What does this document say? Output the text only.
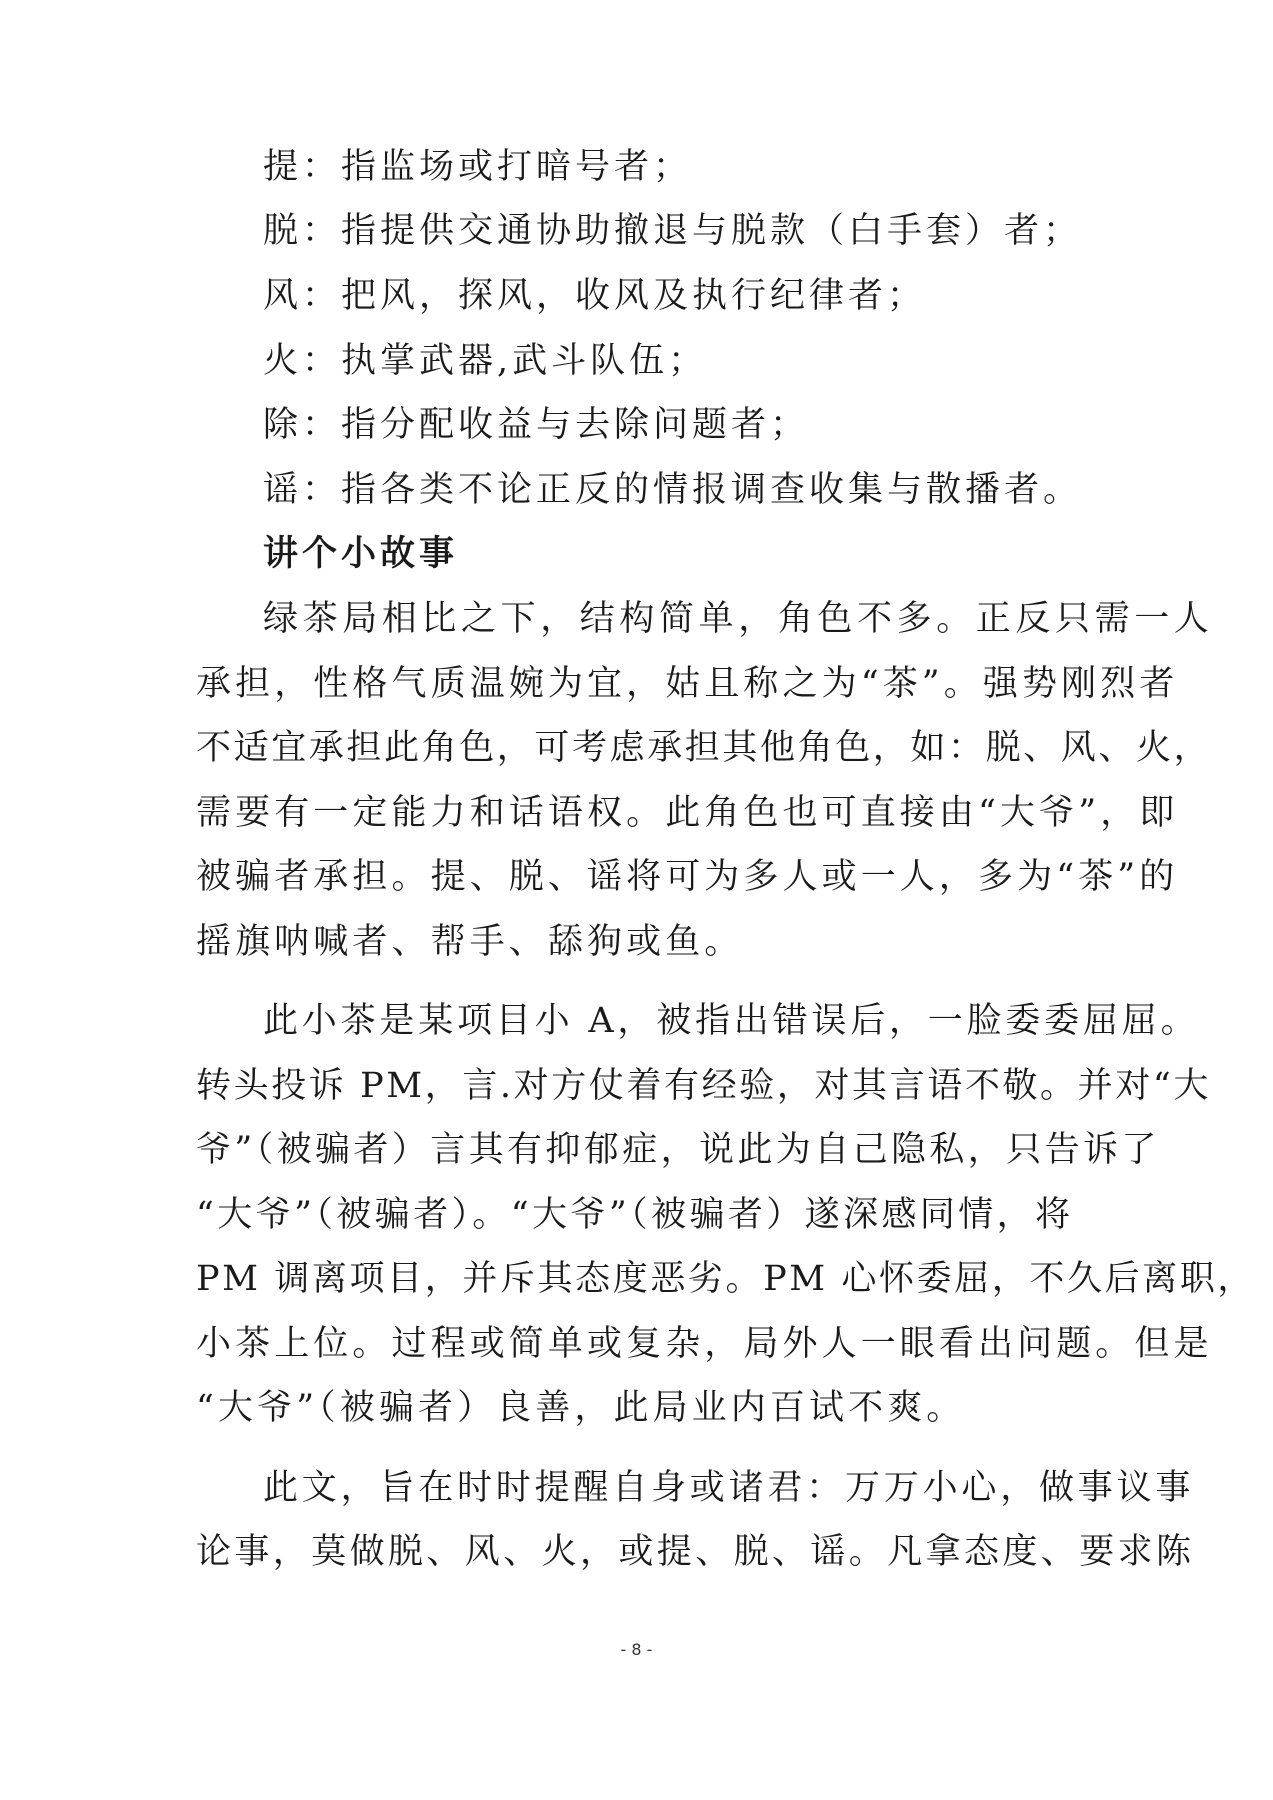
提：指监场或打暗号者；
脱：指提供交通协助撤退与脱款（白手套）者；
风：把风，探风，收风及执行纪律者；
火：执掌武器,武斗队伍；
除：指分配收益与去除问题者；
谣：指各类不论正反的情报调查收集与散播者。
讲个小故事
绿茶局相比之下，结构简单，角色不多。正反只需一人
承担，性格气质温婉为宜，姑且称之为“茶”。强势刚烈者
不适宜承担此角色，可考虑承担其他角色，如：脱、风、火，
需要有一定能力和话语权。此角色也可直接由“大爷”，即
被骗者承担。提、脱、谣将可为多人或一人，多为“茶”的
摇旗呐喊者、帮手、舔狗或鱼。
此小茶是某项目小 A，被指出错误后，一脸委委屈屈。
转头投诉 PM，言.对方仗着有经验，对其言语不敬。并对“大
爷”（被骗者）言其有抑郁症，说此为自己隐私，只告诉了
“大爷”（被骗者）。“大爷”（被骗者）遂深感同情，将
PM 调离项目，并斥其态度恶劣。PM 心怀委屈，不久后离职，
小茶上位。过程或简单或复杂，局外人一眼看出问题。但是
“大爷”（被骗者）良善，此局业内百试不爽。
此文，旨在时时提醒自身或诸君：万万小心，做事议事
论事，莫做脱、风、火，或提、脱、谣。凡拿态度、要求陈
- 8 -
